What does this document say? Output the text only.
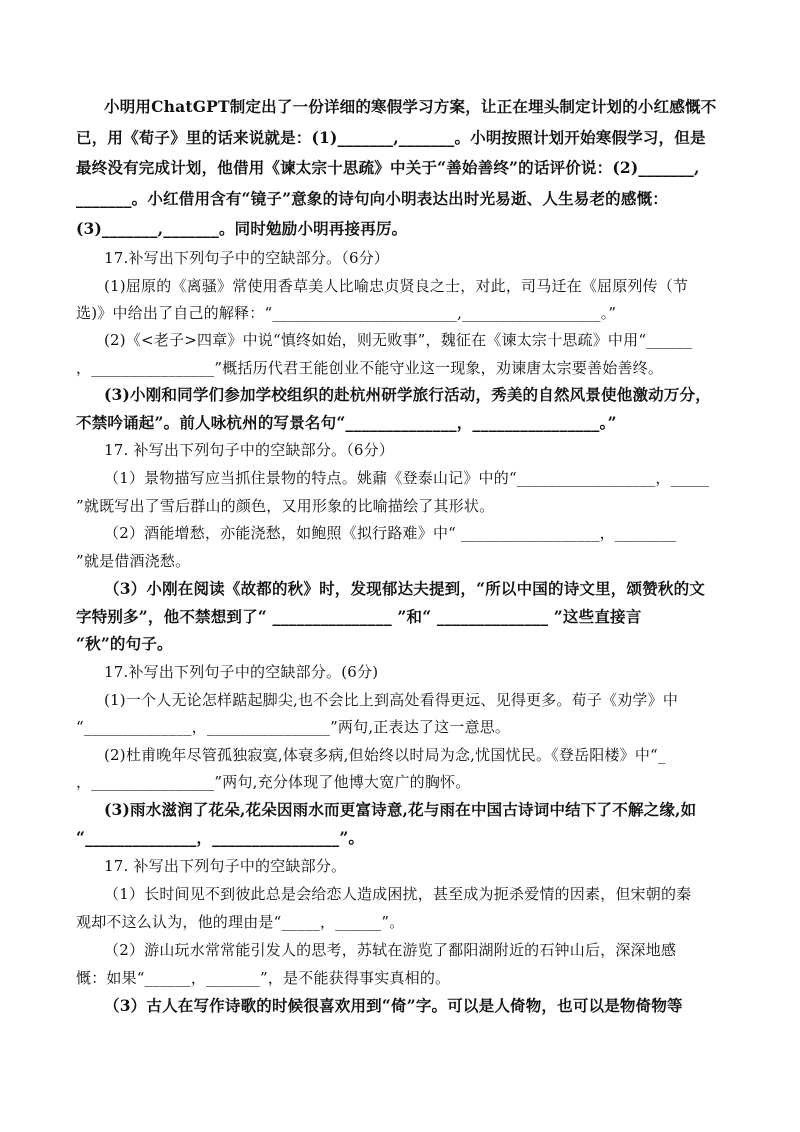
小明用ChatGPT制定出了一份详细的寒假学习方案，让正在埋头制定计划的小红感慨不
已，用《荀子》里的话来说就是：(1)_______,_______。小明按照计划开始寒假学习，但是
最终没有完成计划，他借用《谏太宗十思疏》中关于“善始善终”的话评价说：(2)_______,
_______。小红借用含有“镜子”意象的诗句向小明表达出时光易逝、人生易老的感慨：
(3)_______,_______。同时勉励小明再接再厉。
17.补写出下列句子中的空缺部分。（6分）
(1)屈原的《离骚》常使用香草美人比喻忠贞贤良之士，对此，司马迁在《屈原列传（节
选)》中给出了自己的解释：“________________________,__________________。”
(2)《<老子>四章》中说“慎终如始，则无败事”，魏征在《谏太宗十思疏》中用“______
，________________”概括历代君王能创业不能守业这一现象，劝谏唐太宗要善始善终。
(3)小刚和同学们参加学校组织的赴杭州研学旅行活动，秀美的自然风景使他激动万分，
不禁吟诵起”。前人咏杭州的写景名句“______________，________________。”
17. 补写出下列句子中的空缺部分。（6分）
（1）景物描写应当抓住景物的特点。姚鼐《登泰山记》中的“__________________，_____
”就既写出了雪后群山的颜色，又用形象的比喻描绘了其形状。
（2）酒能增愁，亦能浇愁，如鲍照《拟行路难》中“ __________________，________
”就是借酒浇愁。
（3）小刚在阅读《故都的秋》时，发现郁达夫提到，“所以中国的诗文里，颂赞秋的文
字特别多”，他不禁想到了“ _______________ ”和“ ______________ ”这些直接言
“秋”的句子。
17.补写出下列句子中的空缺部分。(6分)
(1)一个人无论怎样踮起脚尖,也不会比上到高处看得更远、见得更多。荀子《劝学》中
“______________，________________”两句,正表达了这一意思。
(2)杜甫晚年尽管孤独寂寞,体衰多病,但始终以时局为念,忧国忧民。《登岳阳楼》中“_
，________________”两句,充分体现了他博大宽广的胸怀。
(3)雨水滋润了花朵,花朵因雨水而更富诗意,花与雨在中国古诗词中结下了不解之缘,如
“______________，________________”。
17. 补写出下列句子中的空缺部分。
（1）长时间见不到彼此总是会给恋人造成困扰，甚至成为扼杀爱情的因素，但宋朝的秦
观却不这么认为，他的理由是“_____，______”。
（2）游山玩水常常能引发人的思考，苏轼在游览了鄱阳湖附近的石钟山后，深深地感
慨：如果“______，_______”，是不能获得事实真相的。
（3）古人在写作诗歌的时候很喜欢用到“倚”字。可以是人倚物，也可以是物倚物等
